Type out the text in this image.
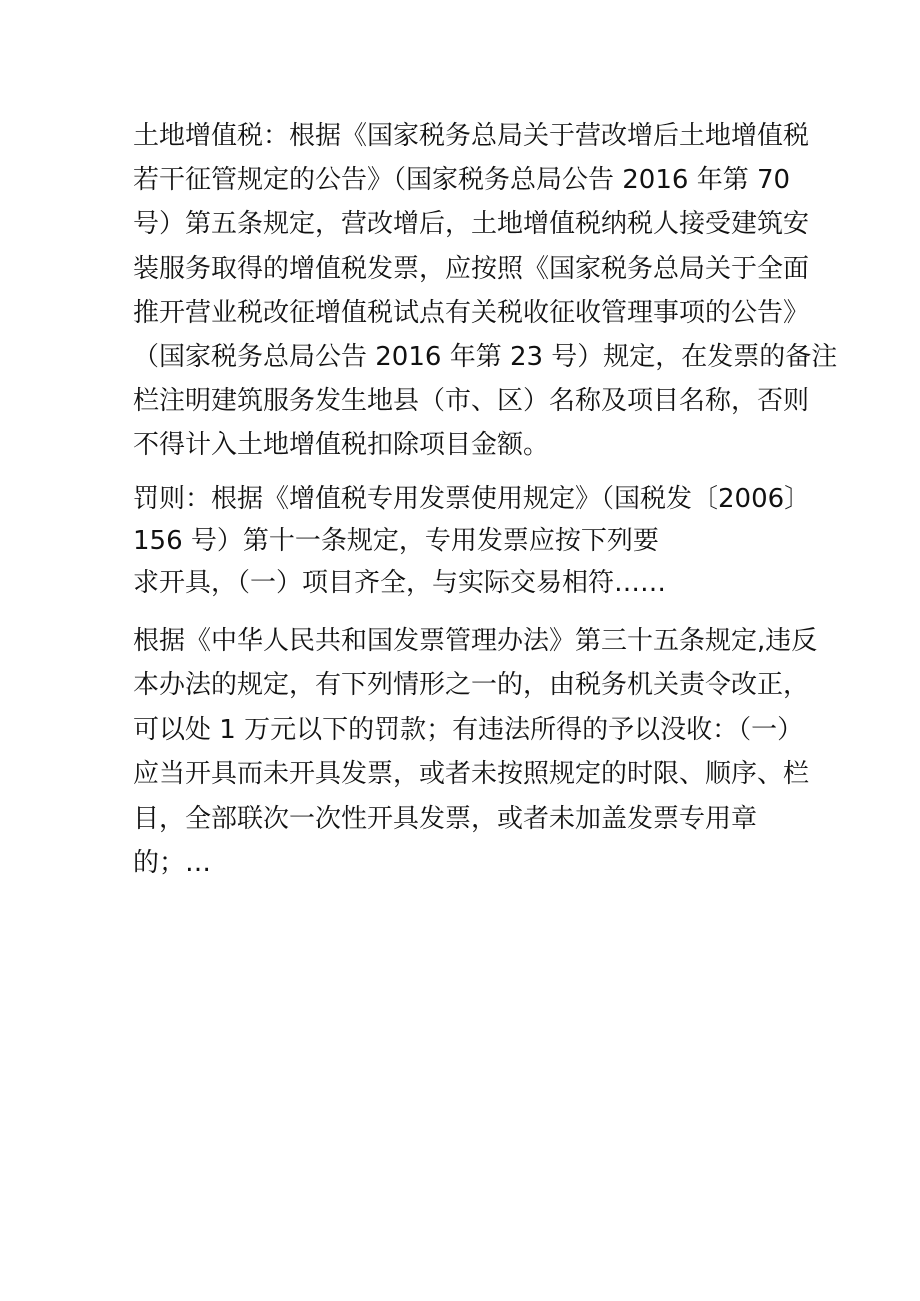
土地增值税：根据《国家税务总局关于营改增后土地增值税
若干征管规定的公告》（国家税务总局公告 2016 年第 70
号）第五条规定，营改增后，土地增值税纳税人接受建筑安
装服务取得的增值税发票，应按照《国家税务总局关于全面
推开营业税改征增值税试点有关税收征收管理事项的公告》
（国家税务总局公告 2016 年第 23 号）规定，在发票的备注
栏注明建筑服务发生地县（市、区）名称及项目名称，否则
不得计入土地增值税扣除项目金额。
罚则：根据《增值税专用发票使用规定》（国税发〔2006〕
156 号）第十一条规定，专用发票应按下列要
求开具，（一）项目齐全，与实际交易相符……
根据《中华人民共和国发票管理办法》第三十五条规定,违反
本办法的规定，有下列情形之一的，由税务机关责令改正，
可以处 1 万元以下的罚款；有违法所得的予以没收：（一）
应当开具而未开具发票，或者未按照规定的时限、顺序、栏
目，全部联次一次性开具发票，或者未加盖发票专用章
的；…
